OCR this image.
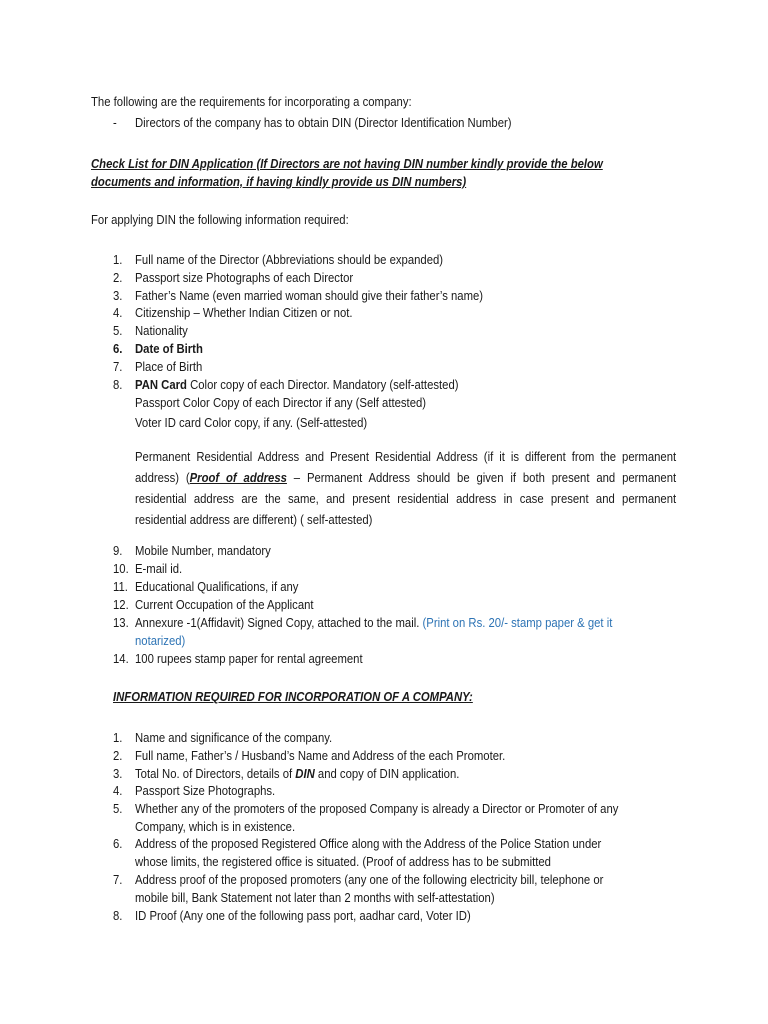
The following are the requirements for incorporating a company:
- Directors of the company has to obtain DIN (Director Identification Number)
Check List for DIN Application (If Directors are not having DIN number kindly provide the below
documents and information, if having kindly provide us DIN numbers)
For applying DIN the following information required:
1. Full name of the Director (Abbreviations should be expanded)
2. Passport size Photographs of each Director
3. Father’s Name (even married woman should give their father’s name)
4. Citizenship – Whether Indian Citizen or not.
5. Nationality
6. Date of Birth
7. Place of Birth
8. PAN Card Color copy of each Director. Mandatory (self-attested)
Passport Color Copy of each Director if any (Self attested)
Voter ID card Color copy, if any. (Self-attested)
Permanent Residential Address and Present Residential Address (if it is different from the permanent address) (Proof of address – Permanent Address should be given if both present and permanent residential address are the same, and present residential address in case present and permanent residential address are different) ( self-attested)
9. Mobile Number, mandatory
10. E-mail id.
11. Educational Qualifications, if any
12. Current Occupation of the Applicant
13. Annexure -1(Affidavit) Signed Copy, attached to the mail. (Print on Rs. 20/- stamp paper & get it
notarized)
14. 100 rupees stamp paper for rental agreement
INFORMATION REQUIRED FOR INCORPORATION OF A COMPANY:
1. Name and significance of the company.
2. Full name, Father’s / Husband’s Name and Address of the each Promoter.
3. Total No. of Directors, details of DIN and copy of DIN application.
4. Passport Size Photographs.
5. Whether any of the promoters of the proposed Company is already a Director or Promoter of any
Company, which is in existence.
6. Address of the proposed Registered Office along with the Address of the Police Station under
whose limits, the registered office is situated. (Proof of address has to be submitted
7. Address proof of the proposed promoters (any one of the following electricity bill, telephone or
mobile bill, Bank Statement not later than 2 months with self-attestation)
8. ID Proof (Any one of the following pass port, aadhar card, Voter ID)
